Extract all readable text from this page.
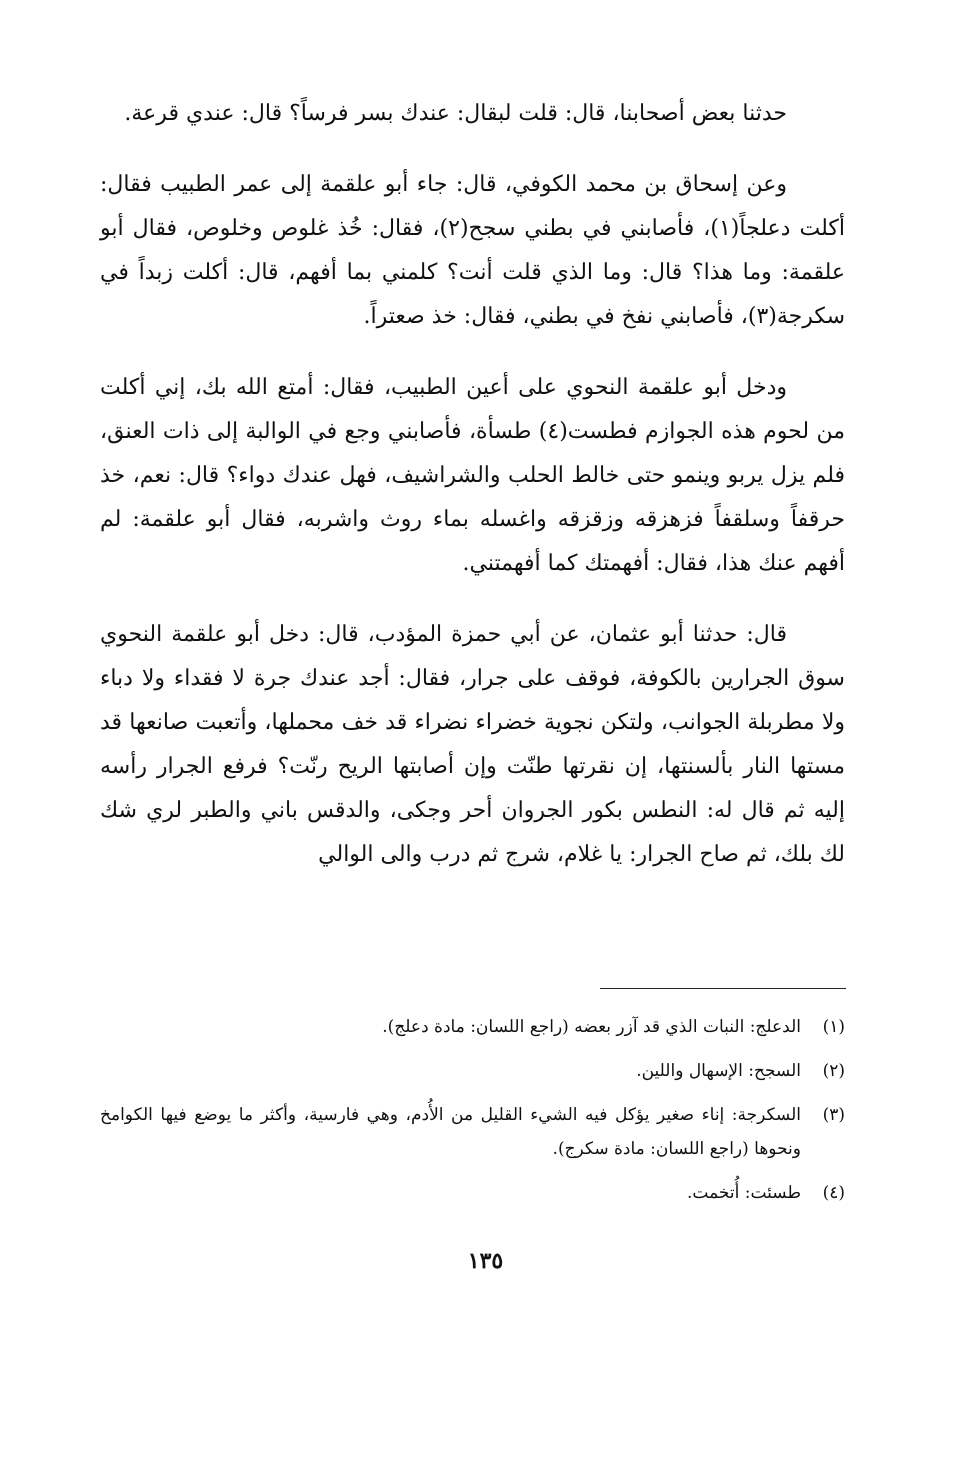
حدثنا بعض أصحابنا، قال: قلت لبقال: عندك بسر فرساً؟ قال: عندي قرعة.

وعن إسحاق بن محمد الكوفي، قال: جاء أبو علقمة إلى عمر الطبيب فقال: أكلت دعلجاً(١)، فأصابني في بطني سجح(٢)، فقال: خُذ غلوص وخلوص، فقال أبو علقمة: وما هذا؟ قال: وما الذي قلت أنت؟ كلمني بما أفهم، قال: أكلت زبداً في سكرجة(٣)، فأصابني نفخ في بطني، فقال: خذ صعتراً.

ودخل أبو علقمة النحوي على أعين الطبيب، فقال: أمتع الله بك، إني أكلت من لحوم هذه الجوازم فطست(٤) طسأة، فأصابني وجع في الوالبة إلى ذات العنق، فلم يزل يربو وينمو حتى خالط الحلب والشراشيف، فهل عندك دواء؟ قال: نعم، خذ حرقفاً وسلقفاً فزهزقه وزقزقه واغسله بماء روث واشربه، فقال أبو علقمة: لم أفهم عنك هذا، فقال: أفهمتك كما أفهمتني.

قال: حدثنا أبو عثمان، عن أبي حمزة المؤدب، قال: دخل أبو علقمة النحوي سوق الجرارين بالكوفة، فوقف على جرار، فقال: أجد عندك جرة لا فقداء ولا دباء ولا مطربلة الجوانب، ولتكن نجوية خضراء نضراء قد خف محملها، وأتعبت صانعها قد مستها النار بألسنتها، إن نقرتها طنّت وإن أصابتها الريح رنّت؟ فرفع الجرار رأسه إليه ثم قال له: النطس بكور الجروان أحر وجكى، والدقس باني والطبر لري شك لك بلك، ثم صاح الجرار: يا غلام، شرج ثم درب والى الوالي

(١)
الدعلج: النبات الذي قد آزر بعضه (راجع اللسان: مادة دعلج).
(٢)
السجح: الإسهال واللين.
(٣)
السكرجة: إناء صغير يؤكل فيه الشيء القليل من الأُدم، وهي فارسية، وأكثر ما يوضع فيها الكوامخ ونحوها (راجع اللسان: مادة سكرج).
(٤)
طسئت: أُتخمت.
١٣٥
